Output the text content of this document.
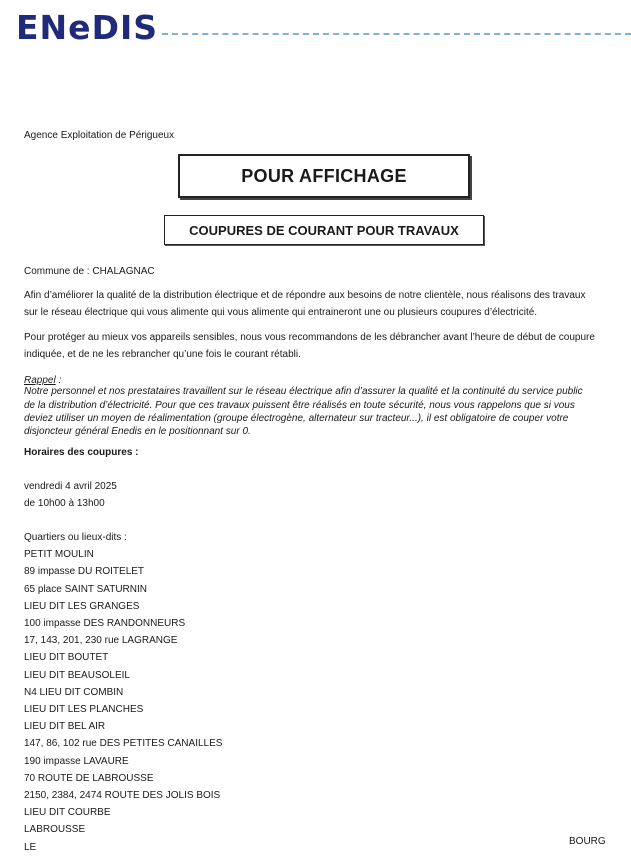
ENeDIS
Agence Exploitation de Périgueux
POUR AFFICHAGE
COUPURES DE COURANT POUR TRAVAUX
Commune de : CHALAGNAC
Afin d’améliorer la qualité de la distribution électrique et de répondre aux besoins de notre clientèle, nous réalisons des travaux
sur le réseau électrique qui vous alimente qui vous alimente qui entraineront une ou plusieurs coupures d’électricité.
Pour protéger au mieux vos appareils sensibles, nous vous recommandons de les débrancher avant l’heure de début de coupure
indiquée, et de ne les rebrancher qu’une fois le courant rétabli.
Rappel :
Notre personnel et nos prestataires travaillent sur le réseau électrique afin d’assurer la qualité et la continuité du service public
de la distribution d’électricité. Pour que ces travaux puissent être réalisés en toute sécurité, nous vous rappelons que si vous
deviez utiliser un moyen de réalimentation (groupe électrogène, alternateur sur tracteur...), il est obligatoire de couper votre
disjoncteur général Enedis en le positionnant sur 0.
Horaires des coupures :
vendredi 4 avril 2025
de 10h00 à 13h00
Quartiers ou lieux-dits :
PETIT MOULIN
89 impasse DU ROITELET
65 place SAINT SATURNIN
LIEU DIT LES GRANGES
100 impasse DES RANDONNEURS
17, 143, 201, 230 rue LAGRANGE
LIEU DIT BOUTET
LIEU DIT BEAUSOLEIL
N4 LIEU DIT COMBIN
LIEU DIT LES PLANCHES
LIEU DIT BEL AIR
147, 86, 102 rue DES PETITES CANAILLES
190 impasse LAVAURE
70 ROUTE DE LABROUSSE
2150, 2384, 2474 ROUTE DES JOLIS BOIS
LIEU DIT COURBE
LABROUSSE
LE
BOURG
